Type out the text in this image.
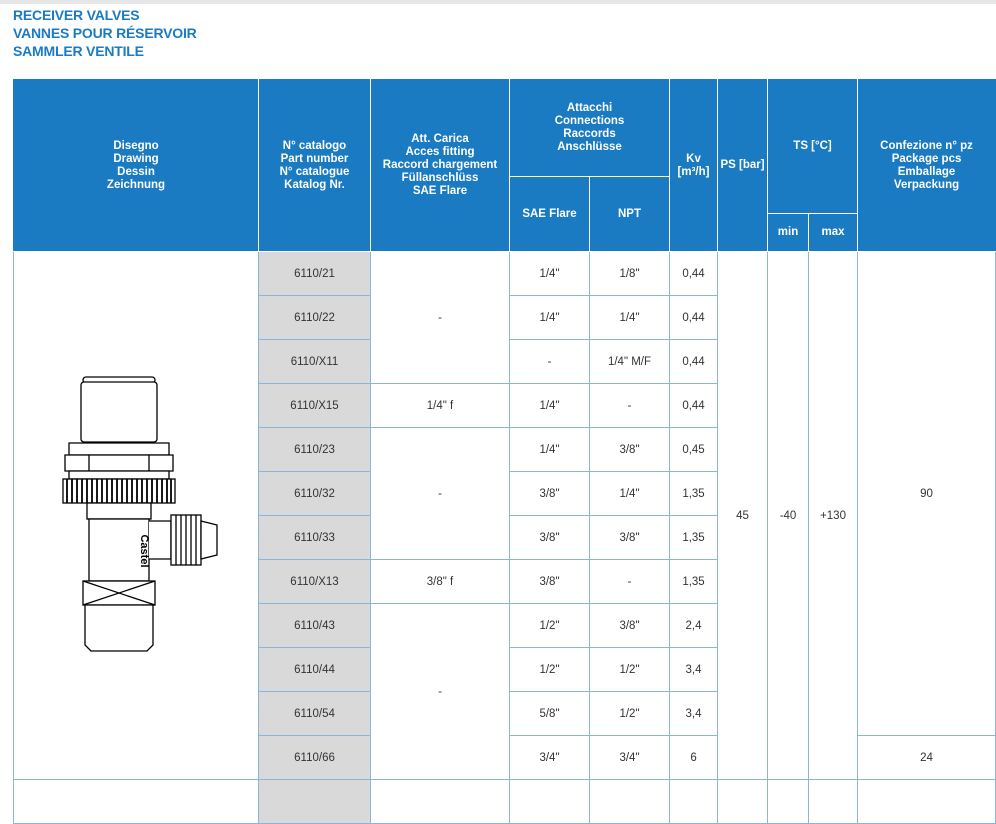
RECEIVER VALVES
VANNES POUR RÉSERVOIR
SAMMLER VENTILE
Disegno
Drawing
Dessin
Zeichnung	N° catalogo
Part number
N° catalogue
Katalog Nr.	Att. Carica
Acces fitting
Raccord chargement
Füllanschlüss
SAE Flare	Attacchi
Connections
Raccords
Anschlüsse		Kv
[m³/h]	PS [bar]	TS [°C]		Confezione n° pz
Package pcs
Emballage
Verpackung

			SAE Flare	NPT					
							min	max	

Castel	6110/21	-	1/4"	1/8"	0,44	45	-40	+130	90
	6110/22		1/4"	1/4"	0,44				
	6110/X11		-	1/4" M/F	0,44				
	6110/X15	1/4" f	1/4"	-	0,44				
	6110/23	-	1/4"	3/8"	0,45				
	6110/32		3/8"	1/4"	1,35				
	6110/33		3/8"	3/8"	1,35				
	6110/X13	3/8" f	3/8"	-	1,35				
	6110/43	-	1/2"	3/8"	2,4				
	6110/44		1/2"	1/2"	3,4				
	6110/54		5/8"	1/2"	3,4				
	6110/66		3/4"	3/4"	6				24
